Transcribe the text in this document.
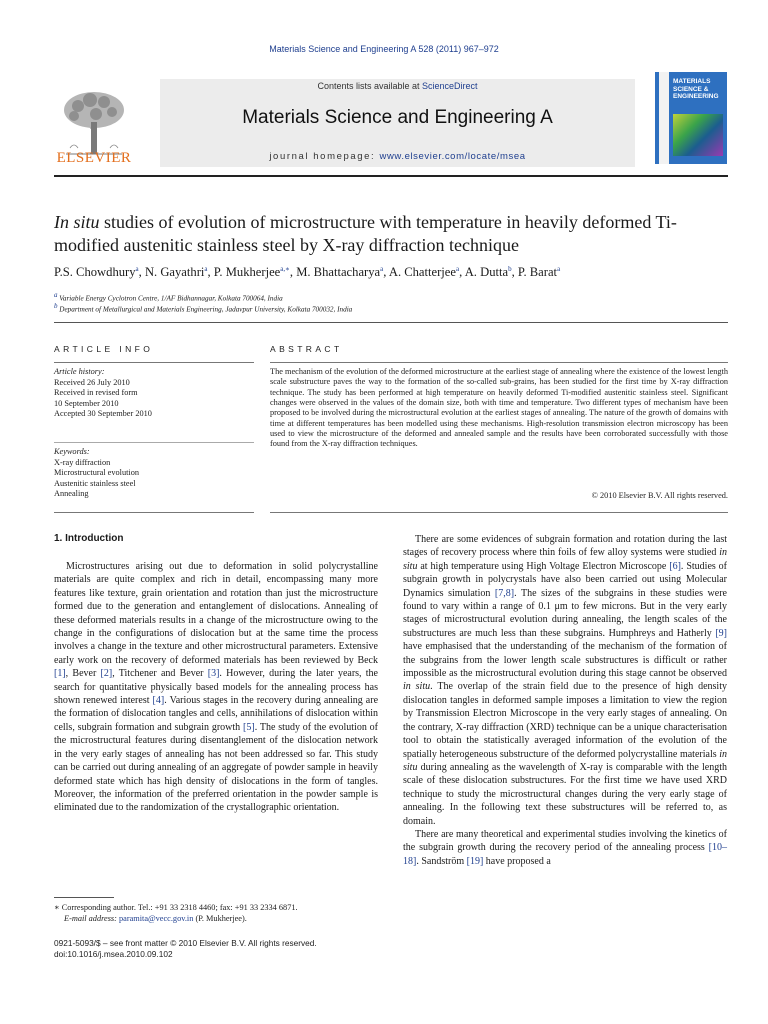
Materials Science and Engineering A 528 (2011) 967–972
ELSEVIER
Contents lists available at ScienceDirect
Materials Science and Engineering A
journal homepage: www.elsevier.com/locate/msea
MATERIALS SCIENCE & ENGINEERING
In situ studies of evolution of microstructure with temperature in heavily deformed Ti-modified austenitic stainless steel by X-ray diffraction technique
P.S. Chowdhury$^a$, N. Gayathri$^a$, P. Mukherjee$^{a,∗}$, M. Bhattacharya$^a$, A. Chatterjee$^a$, A. Dutta$^b$, P. Barat$^a$
$^a$ Variable Energy Cyclotron Centre, 1/AF Bidhannagar, Kolkata 700064, India
$^b$ Department of Metallurgical and Materials Engineering, Jadavpur University, Kolkata 700032, India
ARTICLE INFO
Article history:
Received 26 July 2010
Received in revised form
10 September 2010
Accepted 30 September 2010
Keywords:
X-ray diffraction
Microstructural evolution
Austenitic stainless steel
Annealing
ABSTRACT
The mechanism of the evolution of the deformed microstructure at the earliest stage of annealing where the existence of the lowest length scale substructure paves the way to the formation of the so-called sub-grains, has been studied for the first time by X-ray diffraction technique. The study has been performed at high temperature on heavily deformed Ti-modified austenitic stainless steel. Significant changes were observed in the values of the domain size, both with time and temperature. Two different types of mechanism have been proposed to be involved during the microstructural evolution at the earliest stages of annealing. The nature of the growth of domains with time at different temperatures has been modelled using these mechanisms. High-resolution transmission electron microscopy has been used to view the microstructure of the deformed and annealed sample and the results have been corroborated successfully with those found from the X-ray diffraction techniques.
© 2010 Elsevier B.V. All rights reserved.
1. Introduction

Microstructures arising out due to deformation in solid polycrystalline materials are quite complex and rich in detail, encompassing many more features like texture, grain orientation and rotation than just the microstructure formed due to the generation and entanglement of dislocations. Annealing of these deformed materials results in a change of the microstructure owing to the change in the configurations of dislocation but at the same time the process involves a change in the texture and other microstructural parameters. Extensive early work on the recovery of deformed materials has been reviewed by Beck [1], Bever [2], Titchener and Bever [3]. However, during the later years, the search for quantitative physically based models for the annealing process has shown renewed interest [4]. Various stages in the recovery during annealing are the formation of dislocation tangles and cells, annihilations of dislocation within cells, subgrain formation and subgrain growth [5]. The study of the evolution of the microstructural features during disentanglement of the dislocation network in the very early stages of annealing has not been addressed so far. This study can be carried out during annealing of an aggregate of powder sample in heavily deformed state which has high density of dislocations in the form of tangles. Moreover, the information of the preferred orientation in the powder sample is eliminated due to the randomization of the crystallographic orientation.

There are some evidences of subgrain formation and rotation during the last stages of recovery process where thin foils of few alloy systems were studied in situ at high temperature using High Voltage Electron Microscope [6]. Studies of subgrain growth in polycrystals have also been carried out using Molecular Dynamics simulation [7,8]. The sizes of the subgrains in these studies were found to vary within a range of 0.1 μm to few microns. But in the very early stages of microstructural evolution during annealing, the length scales of the substructures are much less than these subgrains. Humphreys and Hatherly [9] have emphasised that the understanding of the mechanism of the formation of the subgrains from the lower length scale substructures is difficult or rather impossible as the microstructural evolution during this stage cannot be observed in situ. The overlap of the strain field due to the presence of high density dislocation tangles in deformed sample imposes a limitation to view the region by Transmission Electron Microscope in the very early stages of annealing. On the contrary, X-ray diffraction (XRD) technique can be a unique characterisation tool to obtain the statistically averaged information of the evolution of the spatially heterogeneous substructure of the deformed polycrystalline materials in situ during annealing as the wavelength of X-ray is comparable with the length scale of these dislocation substructures. For the first time we have used XRD technique to study the microstructural changes during the very early stage of annealing. In the following text these substructures will be referred to, as domain.

There are many theoretical and experimental studies involving the kinetics of the subgrain growth during the recovery period of the annealing process [10–18]. Sandström [19] have proposed a

∗ Corresponding author. Tel.: +91 33 2318 4460; fax: +91 33 2334 6871.
E-mail address: paramita@vecc.gov.in (P. Mukherjee).
0921-5093/$ – see front matter © 2010 Elsevier B.V. All rights reserved.
doi:10.1016/j.msea.2010.09.102
